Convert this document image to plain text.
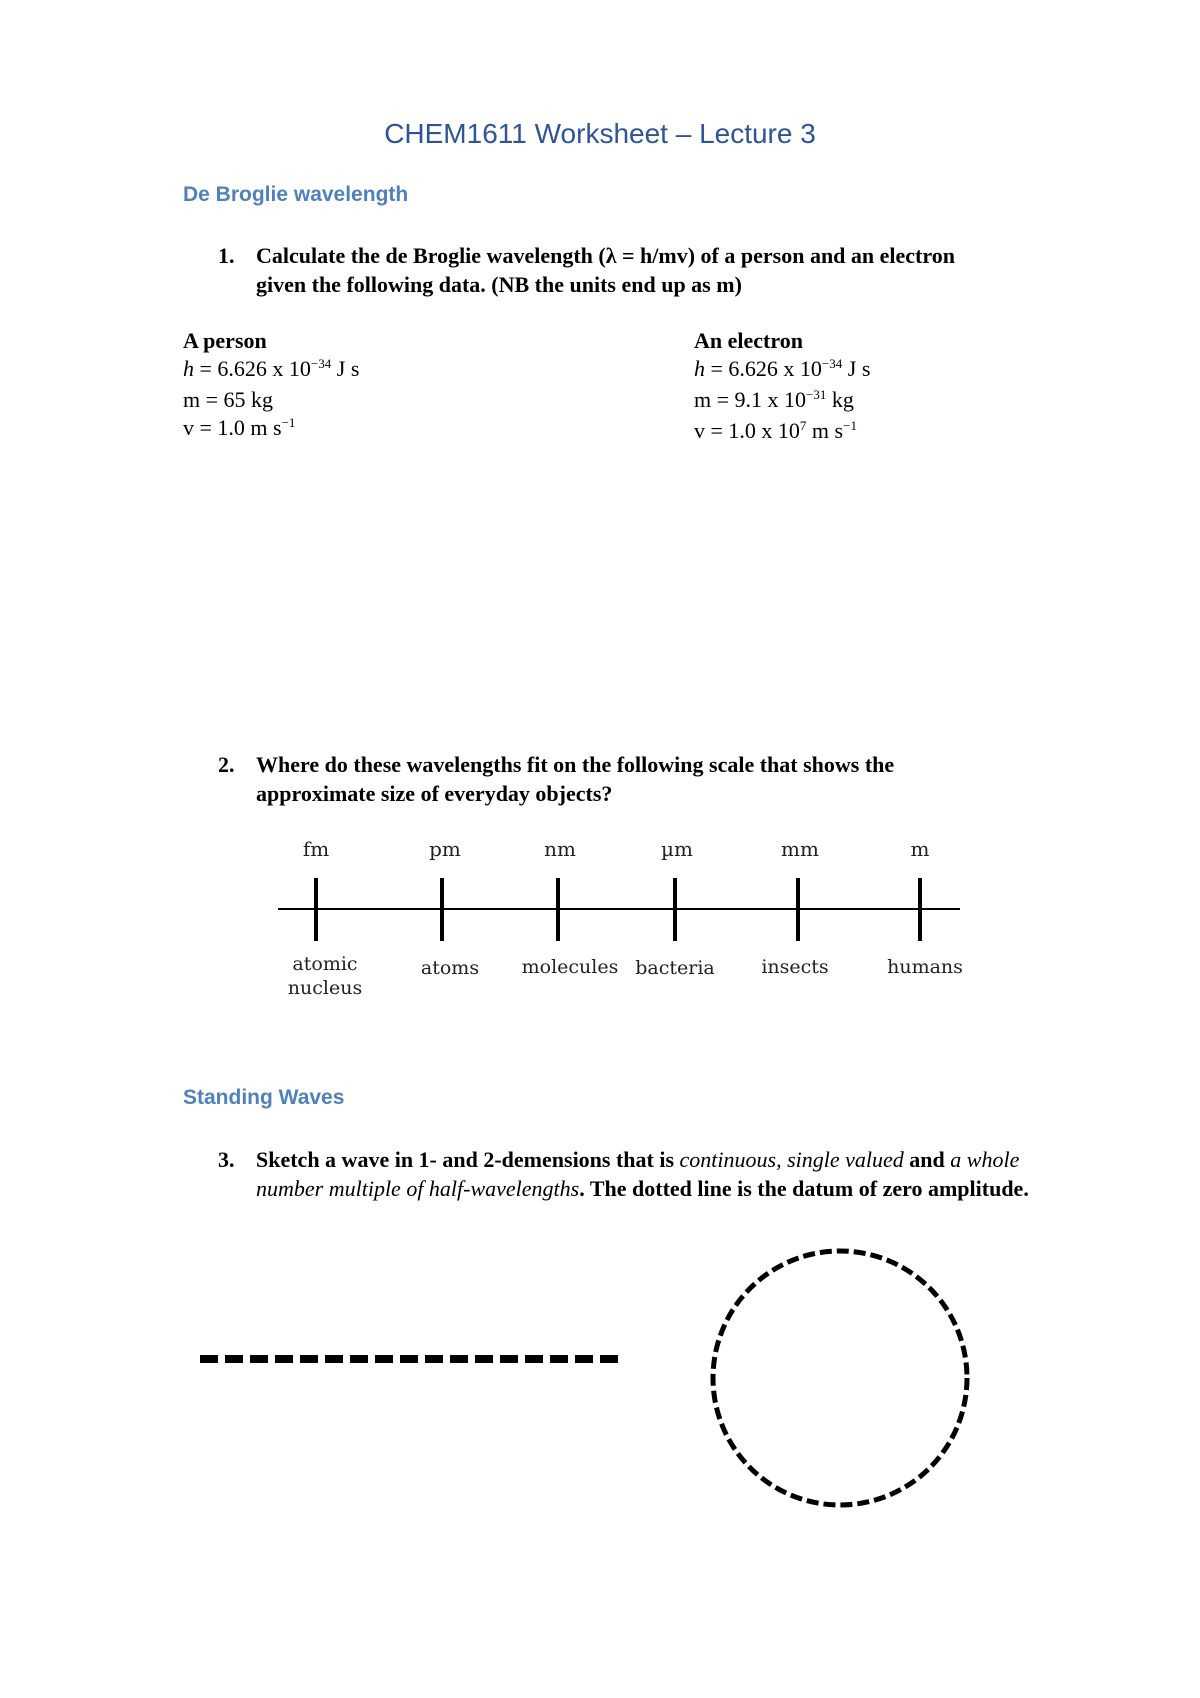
CHEM1611 Worksheet – Lecture 3
De Broglie wavelength
1. Calculate the de Broglie wavelength (λ = h/mv) of a person and an electron
given the following data. (NB the units end up as m)
A person
h = 6.626 x $10^{-34}$ J s
m = 65 kg
v = 1.0 m $s^{-1}$
An electron
h = 6.626 x $10^{-34}$ J s
m = 9.1 x $10^{-31}$ kg
v = 1.0 x $10^7$ m $s^{-1}$
2. Where do these wavelengths fit on the following scale that shows the
approximate size of everyday objects?
fm	pm	nm	µm	mm	m
atomic nucleus
atoms	molecules bacteria	insects	humans
Standing Waves
3. Sketch a wave in 1- and 2-demensions that is continuous, single valued and a whole number multiple of half-wavelengths. The dotted line is the datum of zero amplitude.
